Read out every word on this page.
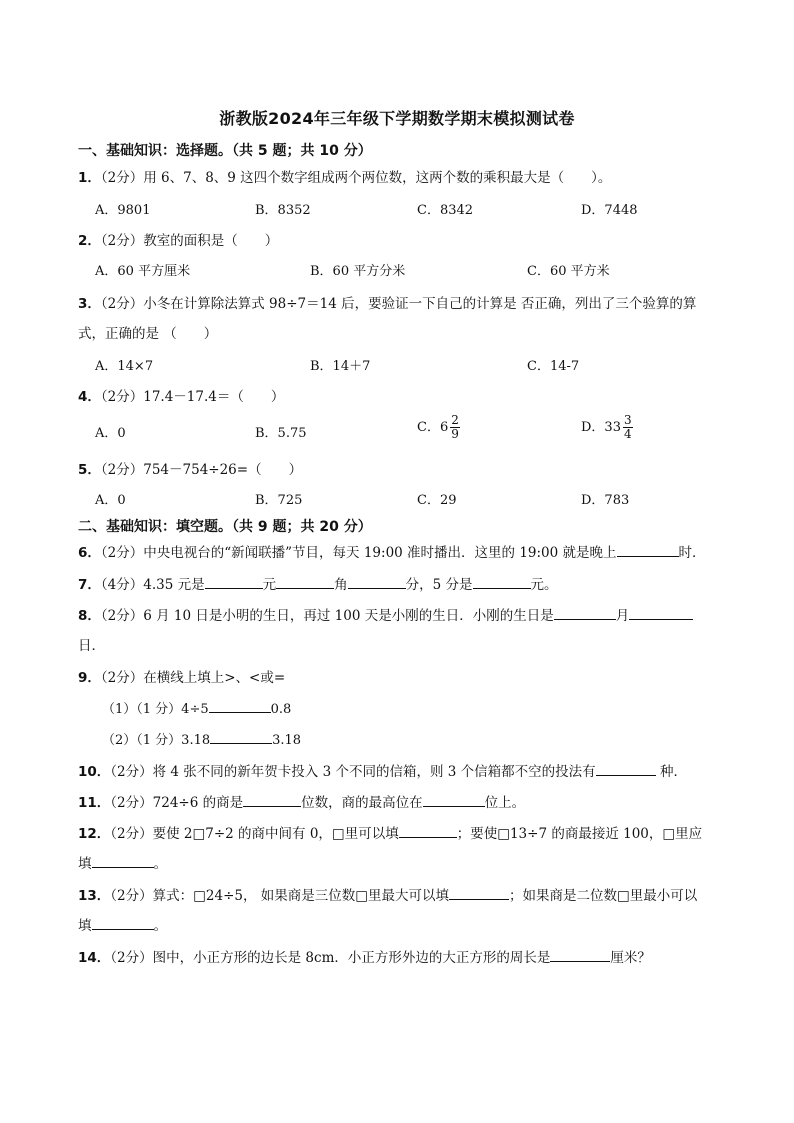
浙教版2024年三年级下学期数学期末模拟测试卷
一、基础知识：选择题。（共 5 题；共 10 分）
1．（2分）用 6、7、8、9 这四个数字组成两个两位数，这两个数的乘积最大是（　　）。
A．9801	B．8352	C．8342	D．7448
2．（2分）教室的面积是（　　）
A．60 平方厘米	B．60 平方分米	C．60 平方米
3．（2分）小冬在计算除法算式 98÷7＝14 后，要验证一下自己的计算是 否正确，列出了三个验算的算
式，正确的是 （　　）
A．14×7	B．14＋7	C．14-7
4．（2分）17.4－17.4＝（　　）
A．0	B．5.75	C．$6 \frac{2}{9}$	D．$33 \frac{3}{4}$
5．（2分）754－754÷26=（　　）
A．0	B．725	C．29	D．783
二、基础知识：填空题。（共 9 题；共 20 分）
6．（2分）中央电视台的“新闻联播”节目，每天 19:00 准时播出．这里的 19:00 就是晚上	时．
7．（4分）4.35 元是	元	角	分，5 分是	元。
8．（2分）6 月 10 日是小明的生日，再过 100 天是小刚的生日．小刚的生日是	月
日．
9．（2分）在横线上填上>、<或=
（1）（1 分）4÷5	0.8
（2）（1 分）3.18	3.18
10．（2分）将 4 张不同的新年贺卡投入 3 个不同的信箱，则 3 个信箱都不空的投法有	种．
11．（2分）724÷6 的商是	位数，商的最高位在	位上。
12．（2分）要使 2□7÷2 的商中间有 0，□里可以填	；要使□13÷7 的商最接近 100，□里应
填	。
13．（2分）算式：□24÷5， 如果商是三位数□里最大可以填	；如果商是二位数□里最小可以
填	。
14．（2分）图中，小正方形的边长是 8cm．小正方形外边的大正方形的周长是	厘米？
